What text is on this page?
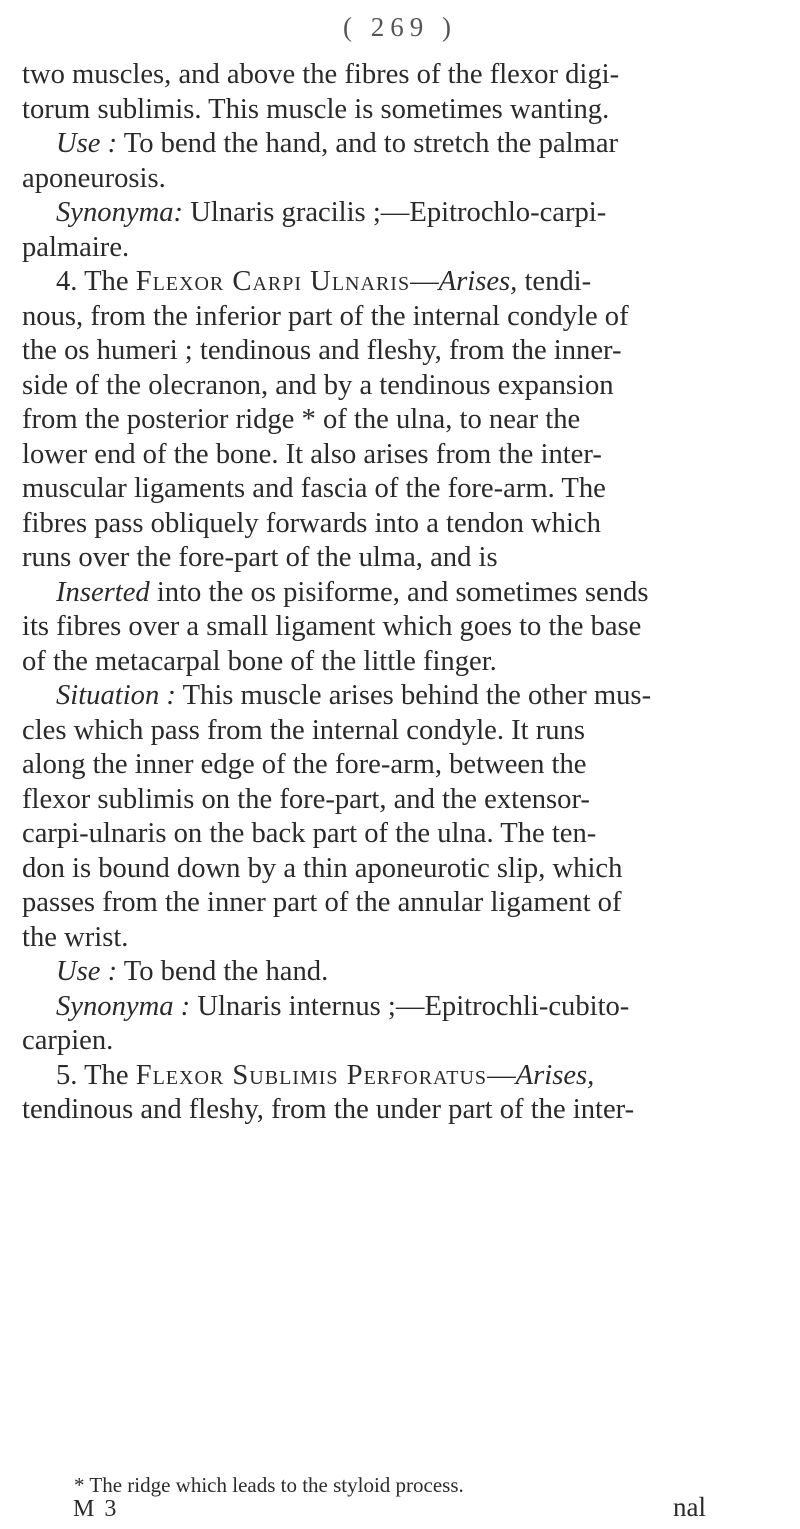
( 269 )
two muscles, and above the fibres of the flexor digi-
torum sublimis. This muscle is sometimes wanting.
Use : To bend the hand, and to stretch the palmar
aponeurosis.
Synonyma: Ulnaris gracilis ;—Epitrochlo-carpi-
palmaire.
4. The Flexor Carpi Ulnaris—Arises, tendi-
nous, from the inferior part of the internal condyle of
the os humeri ; tendinous and fleshy, from the inner-
side of the olecranon, and by a tendinous expansion
from the posterior ridge * of the ulna, to near the
lower end of the bone. It also arises from the inter-
muscular ligaments and fascia of the fore-arm. The
fibres pass obliquely forwards into a tendon which
runs over the fore-part of the ulma, and is
Inserted into the os pisiforme, and sometimes sends
its fibres over a small ligament which goes to the base
of the metacarpal bone of the little finger.
Situation : This muscle arises behind the other mus-
cles which pass from the internal condyle. It runs
along the inner edge of the fore-arm, between the
flexor sublimis on the fore-part, and the extensor-
carpi-ulnaris on the back part of the ulna. The ten-
don is bound down by a thin aponeurotic slip, which
passes from the inner part of the annular ligament of
the wrist.
Use : To bend the hand.
Synonyma : Ulnaris internus ;—Epitrochli-cubito-
carpien.
5. The Flexor Sublimis Perforatus—Arises,
tendinous and fleshy, from the under part of the inter-
* The ridge which leads to the styloid process.
M 3	nal
